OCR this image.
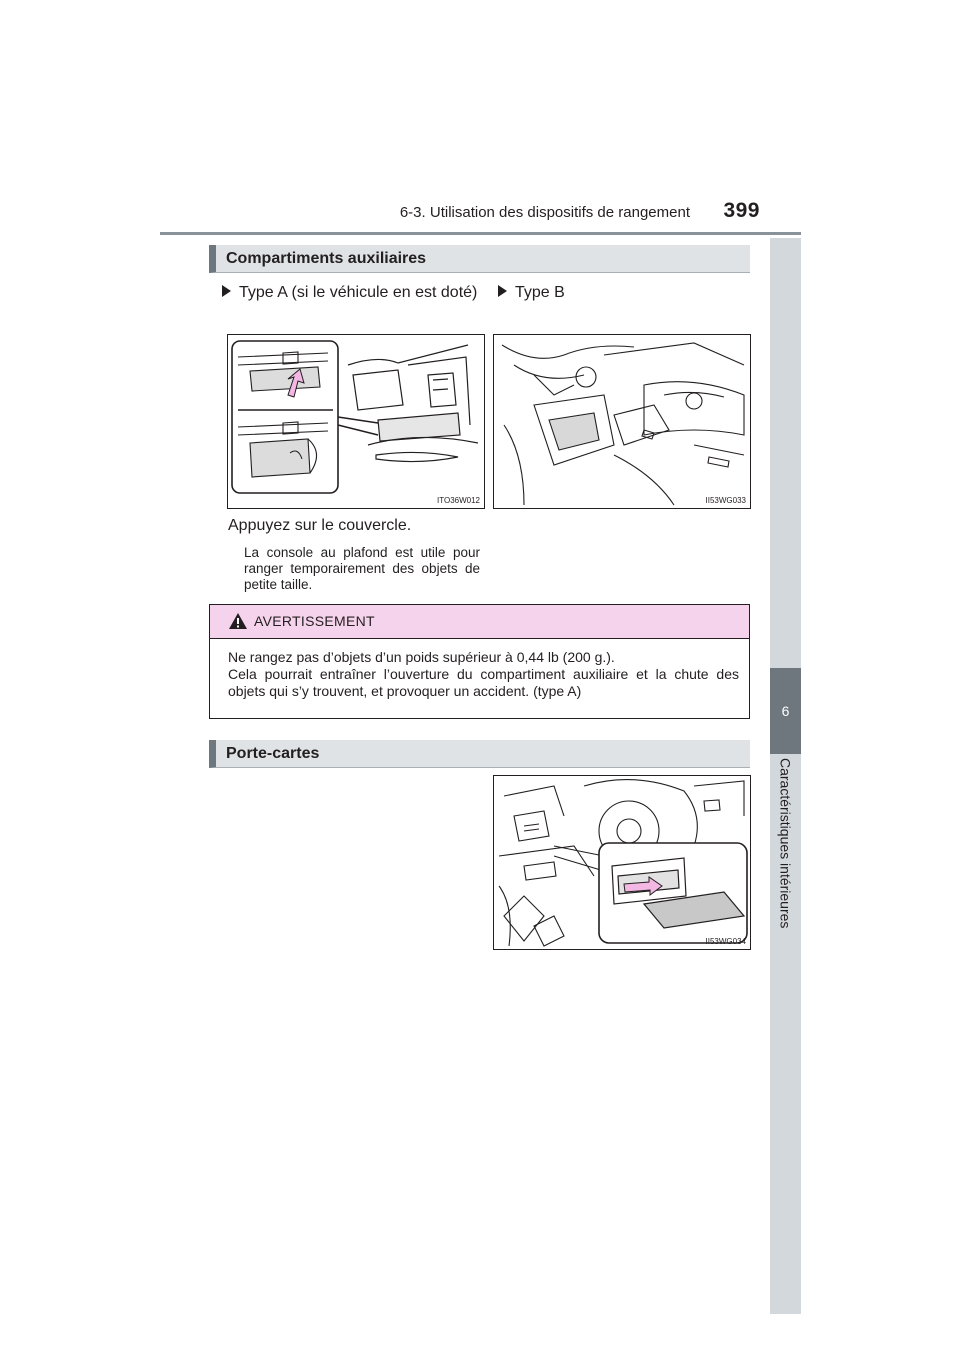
6-3. Utilisation des dispositifs de rangement	399
6
Caractéristiques intérieures
Compartiments auxiliaires
Type A (si le véhicule en est doté)	Type B
ITO36W012	II53WG033
Appuyez sur le couvercle.
La console au plafond est utile pour ranger temporairement des objets de petite taille.
AVERTISSEMENT
Ne rangez pas d’objets d’un poids supérieur à 0,44 lb (200 g.).
Cela pourrait entraîner l’ouverture du compartiment auxiliaire et la chute des objets qui s’y trouvent, et provoquer un accident. (type A)
Porte-cartes
II53WG034
